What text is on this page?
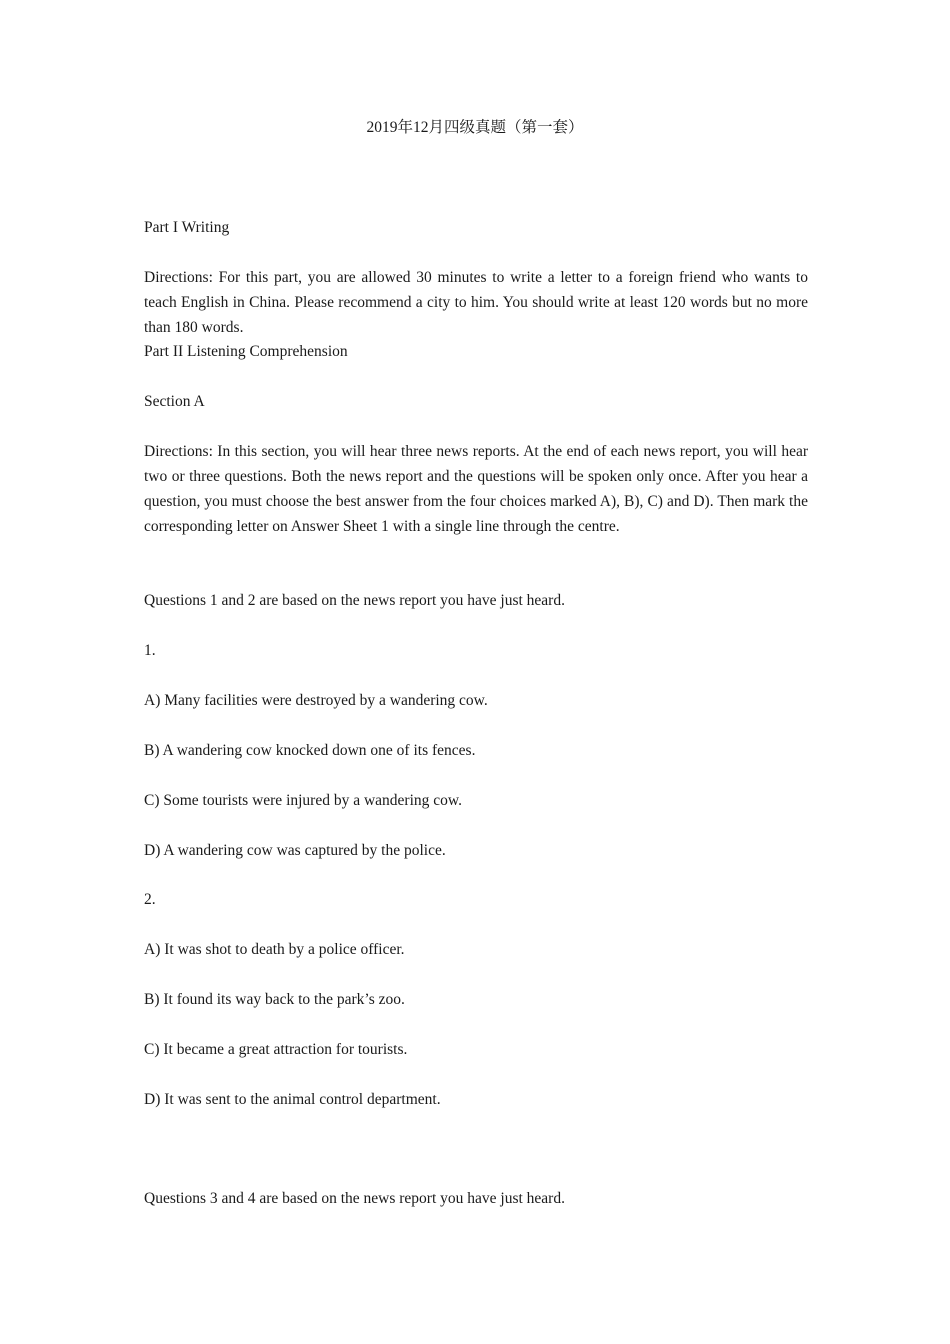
2019年12月四级真题（第一套）
Part I Writing
Directions: For this part, you are allowed 30 minutes to write a letter to a foreign friend who wants to teach English in China. Please recommend a city to him. You should write at least 120 words but no more than 180 words.
Part II Listening Comprehension
Section A
Directions: In this section, you will hear three news reports. At the end of each news report, you will hear two or three questions. Both the news report and the questions will be spoken only once. After you hear a question, you must choose the best answer from the four choices marked A), B), C) and D). Then mark the corresponding letter on Answer Sheet 1 with a single line through the centre.
Questions 1 and 2 are based on the news report you have just heard.
1.
A) Many facilities were destroyed by a wandering cow.
B) A wandering cow knocked down one of its fences.
C) Some tourists were injured by a wandering cow.
D) A wandering cow was captured by the police.
2.
A) It was shot to death by a police officer.
B) It found its way back to the park’s zoo.
C) It became a great attraction for tourists.
D) It was sent to the animal control department.
Questions 3 and 4 are based on the news report you have just heard.
